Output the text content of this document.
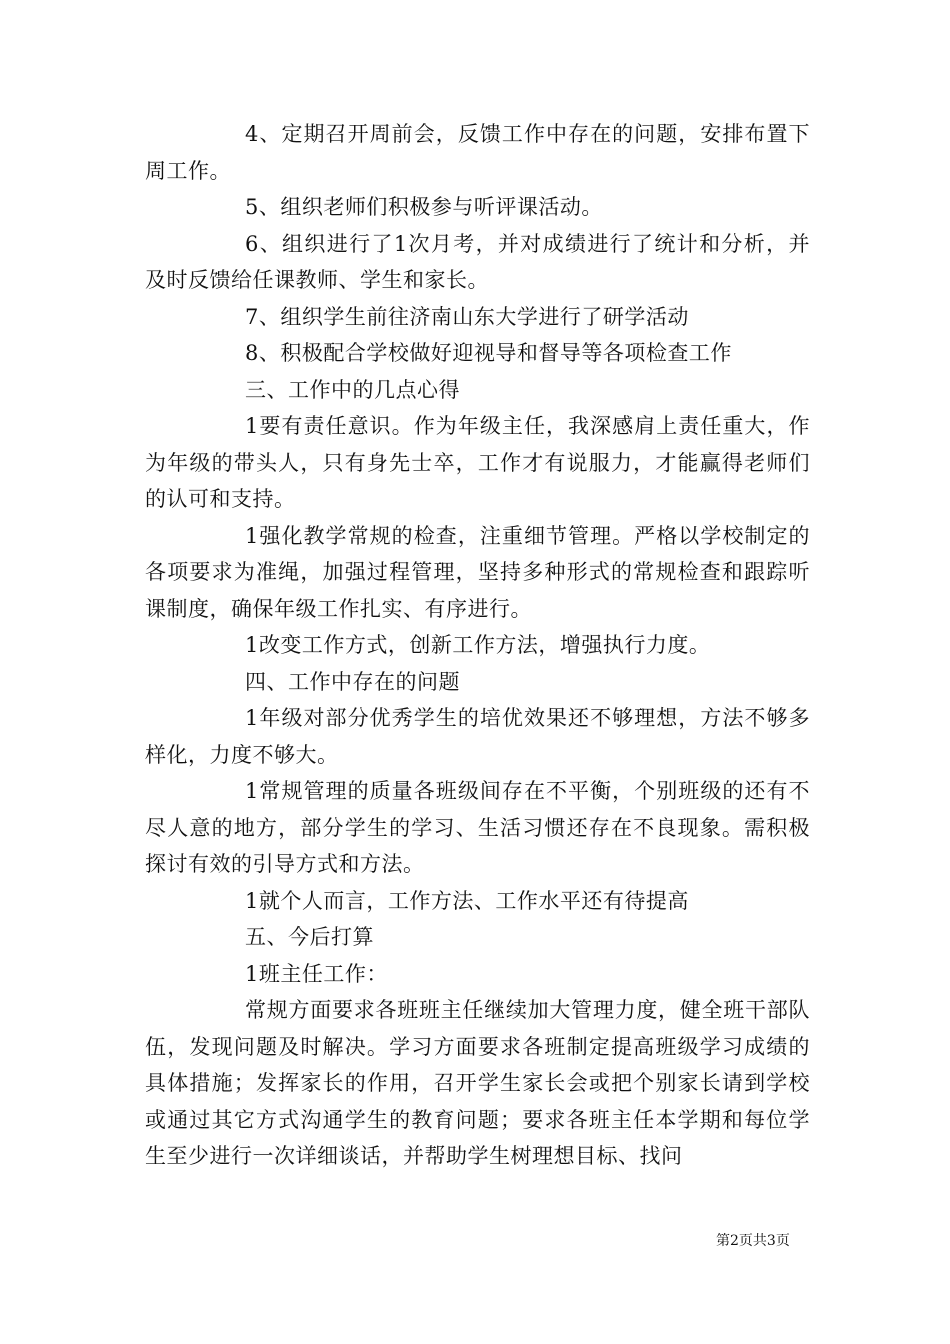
4、定期召开周前会，反馈工作中存在的问题，安排布置下周工作。

5、组织老师们积极参与听评课活动。

6、组织进行了1次月考，并对成绩进行了统计和分析，并及时反馈给任课教师、学生和家长。

7、组织学生前往济南山东大学进行了研学活动

8、积极配合学校做好迎视导和督导等各项检查工作

三、工作中的几点心得

1要有责任意识。作为年级主任，我深感肩上责任重大，作为年级的带头人，只有身先士卒，工作才有说服力，才能赢得老师们的认可和支持。

1强化教学常规的检查，注重细节管理。严格以学校制定的各项要求为准绳，加强过程管理，坚持多种形式的常规检查和跟踪听课制度，确保年级工作扎实、有序进行。

1改变工作方式，创新工作方法，增强执行力度。

四、工作中存在的问题

1年级对部分优秀学生的培优效果还不够理想，方法不够多样化，力度不够大。

1常规管理的质量各班级间存在不平衡，个别班级的还有不尽人意的地方，部分学生的学习、生活习惯还存在不良现象。需积极探讨有效的引导方式和方法。

1就个人而言，工作方法、工作水平还有待提高

五、今后打算

1班主任工作：

常规方面要求各班班主任继续加大管理力度，健全班干部队伍，发现问题及时解决。学习方面要求各班制定提高班级学习成绩的具体措施；发挥家长的作用，召开学生家长会或把个别家长请到学校或通过其它方式沟通学生的教育问题；要求各班主任本学期和每位学生至少进行一次详细谈话，并帮助学生树理想目标、找问

第2页共3页
